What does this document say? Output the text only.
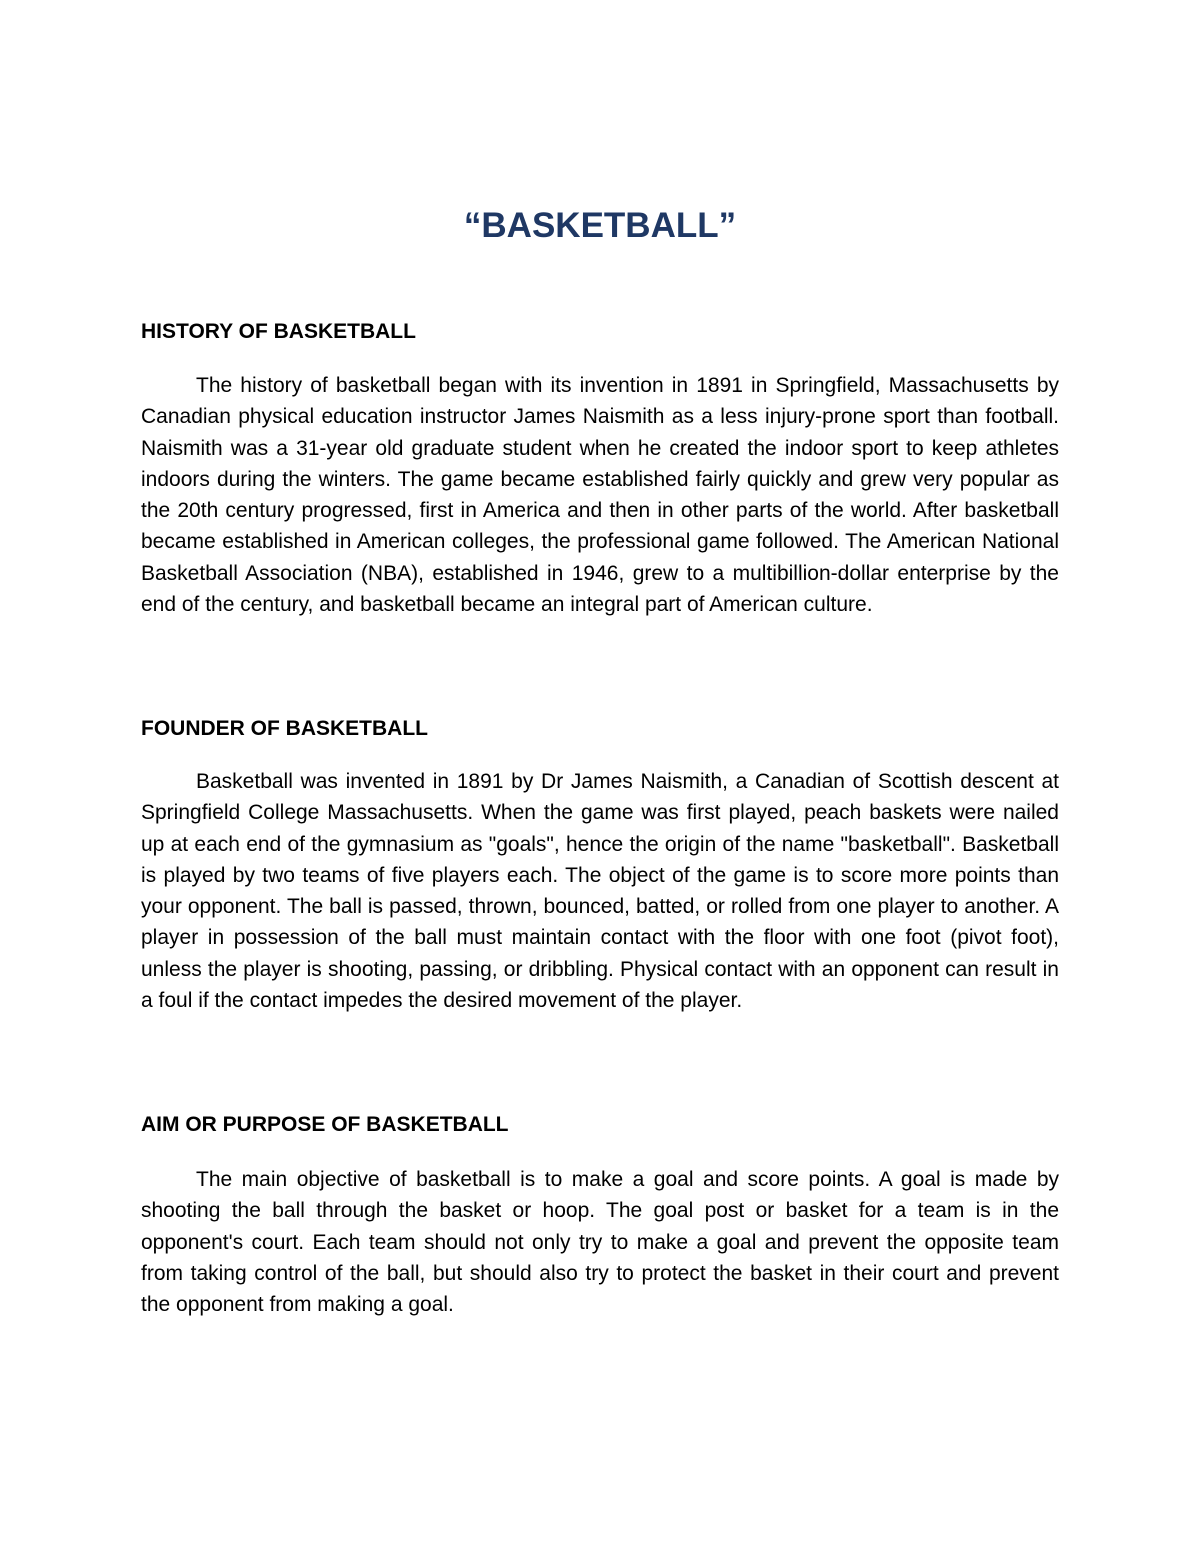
“BASKETBALL”
HISTORY OF BASKETBALL

The history of basketball began with its invention in 1891 in Springfield, Massachusetts by Canadian physical education instructor James Naismith as a less injury-prone sport than football. Naismith was a 31-year old graduate student when he created the indoor sport to keep athletes indoors during the winters. The game became established fairly quickly and grew very popular as the 20th century progressed, first in America and then in other parts of the world. After basketball became established in American colleges, the professional game followed. The American National Basketball Association (NBA), established in 1946, grew to a multibillion-dollar enterprise by the end of the century, and basketball became an integral part of American culture.

FOUNDER OF BASKETBALL

Basketball was invented in 1891 by Dr James Naismith, a Canadian of Scottish descent at Springfield College Massachusetts. When the game was first played, peach baskets were nailed up at each end of the gymnasium as "goals", hence the origin of the name "basketball". Basketball is played by two teams of five players each. The object of the game is to score more points than your opponent. The ball is passed, thrown, bounced, batted, or rolled from one player to another. A player in possession of the ball must maintain contact with the floor with one foot (pivot foot), unless the player is shooting, passing, or dribbling. Physical contact with an opponent can result in a foul if the contact impedes the desired movement of the player.

AIM OR PURPOSE OF BASKETBALL

The main objective of basketball is to make a goal and score points. A goal is made by shooting the ball through the basket or hoop. The goal post or basket for a team is in the opponent's court. Each team should not only try to make a goal and prevent the opposite team from taking control of the ball, but should also try to protect the basket in their court and prevent the opponent from making a goal.
